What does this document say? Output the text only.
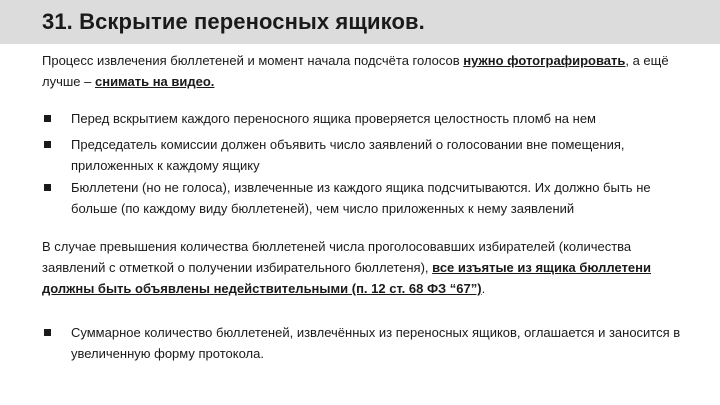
31. Вскрытие переносных ящиков.
Процесс извлечения бюллетеней и момент начала подсчёта голосов нужно фотографировать, а ещё лучше – снимать на видео.
Перед вскрытием каждого переносного ящика проверяется целостность пломб на нем
Председатель комиссии должен объявить число заявлений о голосовании вне помещения, приложенных к каждому ящику
Бюллетени (но не голоса), извлеченные из каждого ящика подсчитываются. Их должно быть не больше (по каждому виду бюллетеней), чем число приложенных к нему заявлений
В случае превышения количества бюллетеней числа проголосовавших избирателей (количества заявлений с отметкой о получении избирательного бюллетеня), все изъятые из ящика бюллетени должны быть объявлены недействительными (п. 12 ст. 68 ФЗ “67”).
Суммарное количество бюллетеней, извлечённых из переносных ящиков, оглашается и заносится в увеличенную форму протокола.
